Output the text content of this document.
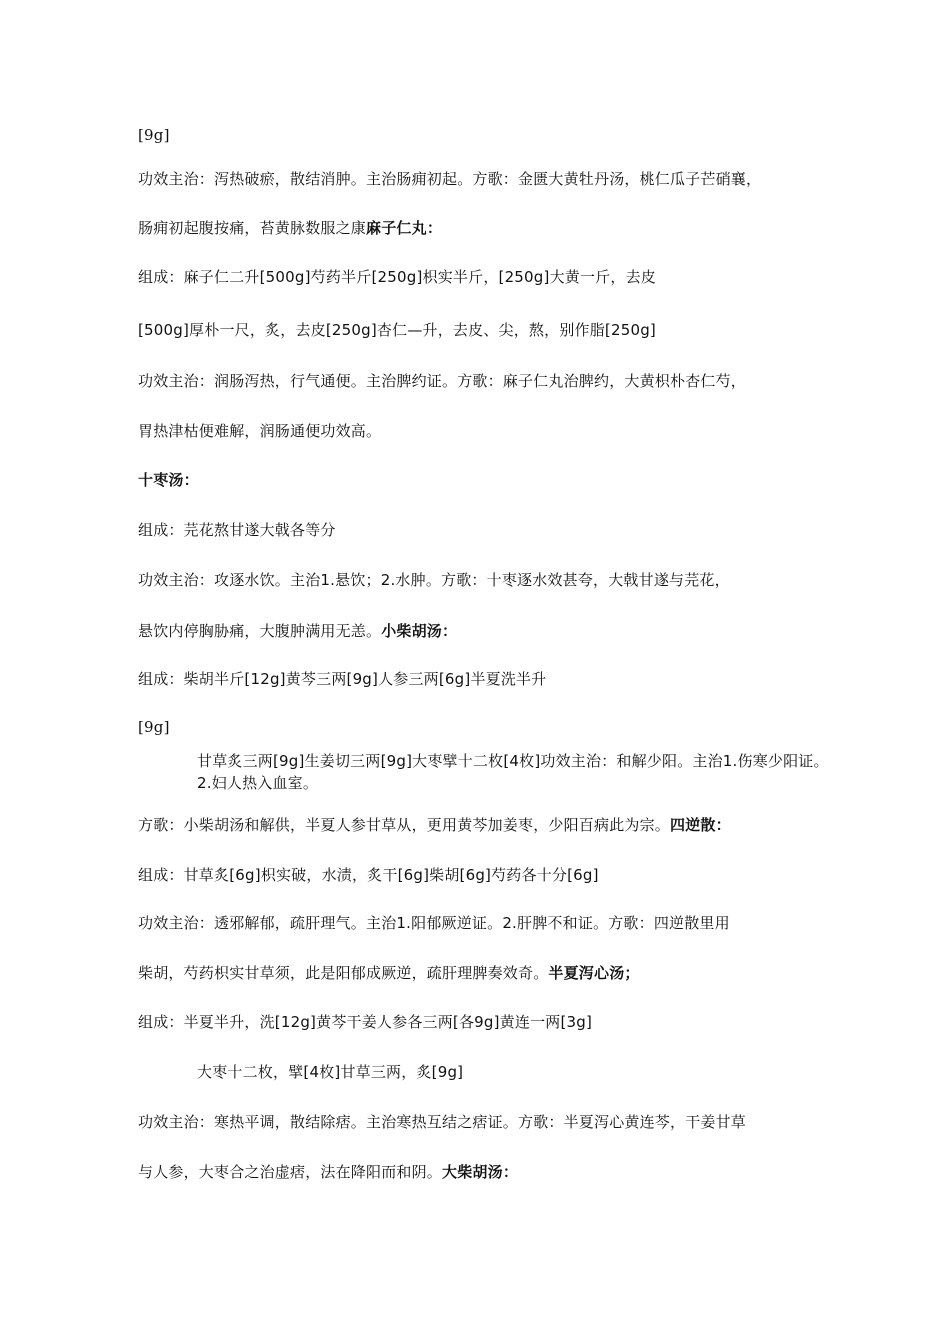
[9g]
功效主治：泻热破瘀，散结消肿。主治肠痈初起。方歌：金匮大黄牡丹汤，桃仁瓜子芒硝襄，
肠痈初起腹按痛，苔黄脉数服之康麻子仁丸：
组成：麻子仁二升[500g]芍药半斤[250g]枳实半斤，[250g]大黄一斤，去皮
[500g]厚朴一尺，炙，去皮[250g]杏仁—升，去皮、尖，熬，别作脂[250g]
功效主治：润肠泻热，行气通便。主治脾约证。方歌：麻子仁丸治脾约，大黄枳朴杏仁芍，
胃热津枯便难解，润肠通便功效高。
十枣汤：
组成：芫花熬甘遂大戟各等分
功效主治：攻逐水饮。主治1.悬饮；2.水肿。方歌：十枣逐水效甚夸，大戟甘遂与芫花，
悬饮内停胸胁痛，大腹肿满用无恙。小柴胡汤：
组成：柴胡半斤[12g]黄芩三两[9g]人参三两[6g]半夏洗半升
[9g]
甘草炙三两[9g]生姜切三两[9g]大枣擘十二枚[4枚]功效主治：和解少阳。主治1.伤寒少阳证。2.妇人热入血室。
方歌：小柴胡汤和解供，半夏人参甘草从，更用黄芩加姜枣，少阳百病此为宗。四逆散：
组成：甘草炙[6g]枳实破，水渍，炙干[6g]柴胡[6g]芍药各十分[6g]
功效主治：透邪解郁，疏肝理气。主治1.阳郁厥逆证。2.肝脾不和证。方歌：四逆散里用
柴胡，芍药枳实甘草须，此是阳郁成厥逆，疏肝理脾奏效奇。半夏泻心汤；
组成：半夏半升，洗[12g]黄芩干姜人参各三两[各9g]黄连一两[3g]
大枣十二枚，擘[4枚]甘草三两，炙[9g]
功效主治：寒热平调，散结除痞。主治寒热互结之痞证。方歌：半夏泻心黄连芩，干姜甘草
与人参，大枣合之治虚痞，法在降阳而和阴。大柴胡汤：
